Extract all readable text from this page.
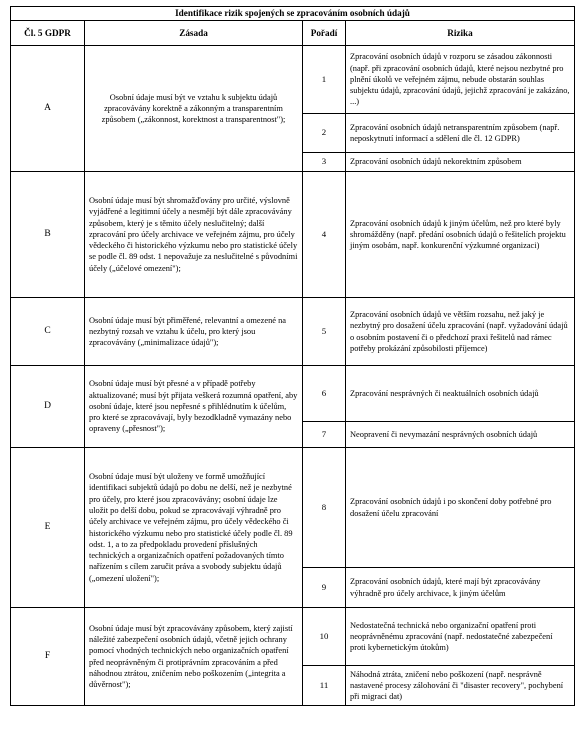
Identifikace rizik spojených se zpracováním osobních údajů			
Čl. 5 GDPR	Zásada	Pořadí	Rizika
A	Osobní údaje musí být ve vztahu k subjektu údajů zpracovávány korektně a zákonným a transparentním způsobem („zákonnost, korektnost a transparentnost");	1	Zpracování osobních údajů v rozporu se zásadou zákonnosti (např. při zpracování osobních údajů, které nejsou nezbytné pro plnění úkolů ve veřejném zájmu, nebude obstarán souhlas subjektu údajů, zpracování údajů, jejichž zpracování je zakázáno, ...)
		2	Zpracování osobních údajů netransparentním způsobem (např. neposkytnutí informací a sdělení dle čl. 12 GDPR)
		3	Zpracování osobních údajů nekorektním způsobem
B	Osobní údaje musí být shromažďovány pro určité, výslovně vyjádřené a legitimní účely a nesmějí být dále zpracovávány způsobem, který je s těmito účely neslučitelný; další zpracování pro účely archivace ve veřejném zájmu, pro účely vědeckého či historického výzkumu nebo pro statistické účely se podle čl. 89 odst. 1 nepovažuje za neslučitelné s původními účely („účelové omezení");	4	Zpracování osobních údajů k jiným účelům, než pro které byly shromážděny (např. předání osobních údajů o řešitelích projektu jiným osobám, např. konkurenční výzkumné organizaci)
C	Osobní údaje musí být přiměřené, relevantní a omezené na nezbytný rozsah ve vztahu k účelu, pro který jsou zpracovávány („minimalizace údajů");	5	Zpracování osobních údajů ve větším rozsahu, než jaký je nezbytný pro dosažení účelu zpracování (např. vyžadování údajů o osobním postavení či o předchozí praxi řešitelů nad rámec potřeby prokázání způsobilosti příjemce)
D	Osobní údaje musí být přesné a v případě potřeby aktualizované; musí být přijata veškerá rozumná opatření, aby osobní údaje, které jsou nepřesné s přihlédnutím k účelům, pro které se zpracovávají, byly bezodkladně vymazány nebo opraveny („přesnost");	6	Zpracování nesprávných či neaktuálních osobních údajů
		7	Neopravení či nevymazání nesprávných osobních údajů
E	Osobní údaje musí být uloženy ve formě umožňující identifikaci subjektů údajů po dobu ne delší, než je nezbytné pro účely, pro které jsou zpracovávány; osobní údaje lze uložit po delší dobu, pokud se zpracovávají výhradně pro účely archivace ve veřejném zájmu, pro účely vědeckého či historického výzkumu nebo pro statistické účely podle čl. 89 odst. 1, a to za předpokladu provedení příslušných technických a organizačních opatření požadovaných tímto nařízením s cílem zaručit práva a svobody subjektu údajů („omezení uložení");	8	Zpracování osobních údajů i po skončení doby potřebné pro dosažení účelu zpracování
		9	Zpracování osobních údajů, které mají být zpracovávány výhradně pro účely archivace, k jiným účelům
F	Osobní údaje musí být zpracovávány způsobem, který zajistí náležité zabezpečení osobních údajů, včetně jejich ochrany pomocí vhodných technických nebo organizačních opatření před neoprávněným či protiprávním zpracováním a před náhodnou ztrátou, zničením nebo poškozením („integrita a důvěrnost");	10	Nedostatečná technická nebo organizační opatření proti neoprávněnému zpracování (např. nedostatečné zabezpečení proti kybernetickým útokům)
		11	Náhodná ztráta, zničení nebo poškození (např. nesprávně nastavené procesy zálohování či "disaster recovery", pochybení při migraci dat)
